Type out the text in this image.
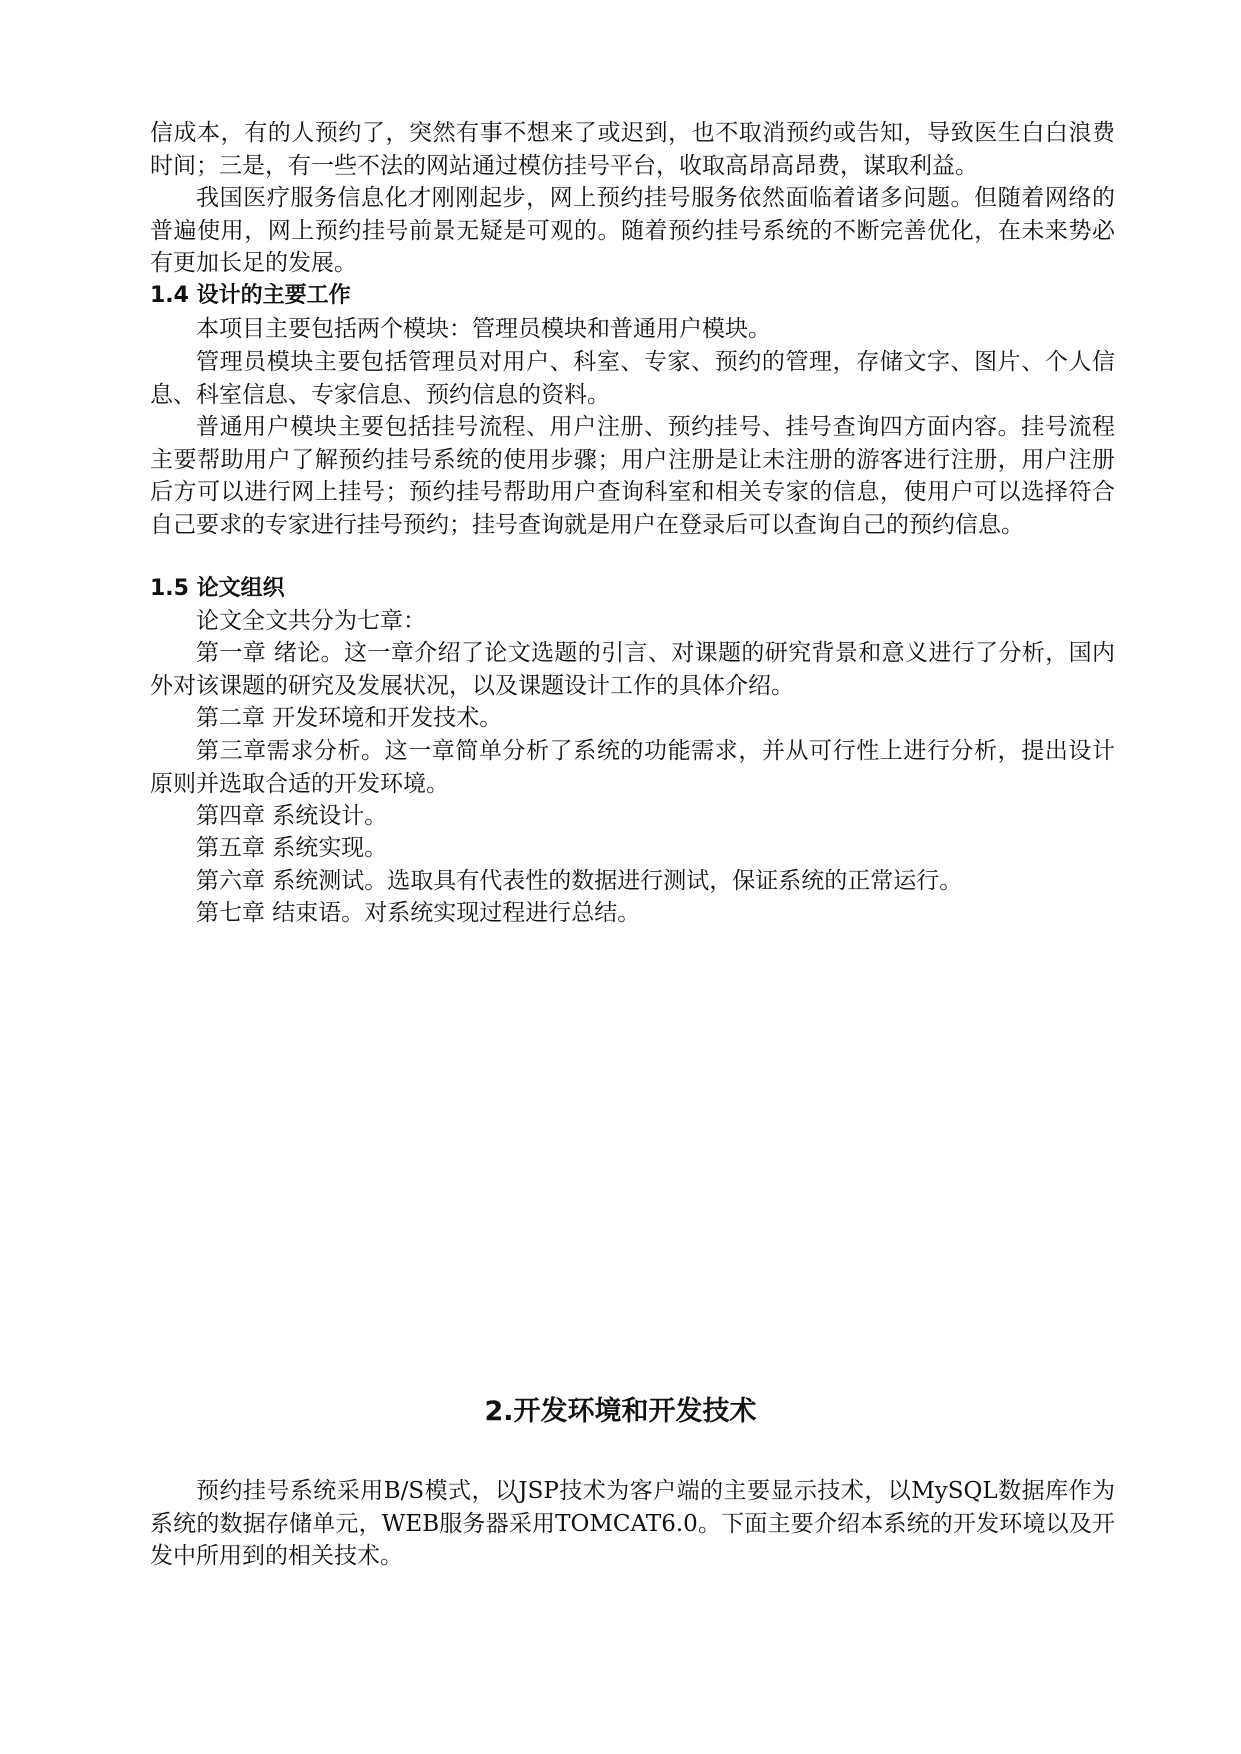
信成本，有的人预约了，突然有事不想来了或迟到，也不取消预约或告知，导致医生白白浪费时间；三是，有一些不法的网站通过模仿挂号平台，收取高昂高昂费，谋取利益。

我国医疗服务信息化才刚刚起步，网上预约挂号服务依然面临着诸多问题。但随着网络的普遍使用，网上预约挂号前景无疑是可观的。随着预约挂号系统的不断完善优化，在未来势必有更加长足的发展。

1.4 设计的主要工作

本项目主要包括两个模块：管理员模块和普通用户模块。

管理员模块主要包括管理员对用户、科室、专家、预约的管理，存储文字、图片、个人信息、科室信息、专家信息、预约信息的资料。

普通用户模块主要包括挂号流程、用户注册、预约挂号、挂号查询四方面内容。挂号流程主要帮助用户了解预约挂号系统的使用步骤；用户注册是让未注册的游客进行注册，用户注册后方可以进行网上挂号；预约挂号帮助用户查询科室和相关专家的信息，使用户可以选择符合自己要求的专家进行挂号预约；挂号查询就是用户在登录后可以查询自己的预约信息。

1.5 论文组织

论文全文共分为七章：

第一章 绪论。这一章介绍了论文选题的引言、对课题的研究背景和意义进行了分析，国内外对该课题的研究及发展状况，以及课题设计工作的具体介绍。

第二章 开发环境和开发技术。

第三章需求分析。这一章简单分析了系统的功能需求，并从可行性上进行分析，提出设计原则并选取合适的开发环境。

第四章 系统设计。

第五章 系统实现。

第六章 系统测试。选取具有代表性的数据进行测试，保证系统的正常运行。

第七章 结束语。对系统实现过程进行总结。

2.开发环境和开发技术

预约挂号系统采用B/S模式，以JSP技术为客户端的主要显示技术，以MySQL数据库作为系统的数据存储单元，WEB服务器采用TOMCAT6.0。下面主要介绍本系统的开发环境以及开发中所用到的相关技术。
